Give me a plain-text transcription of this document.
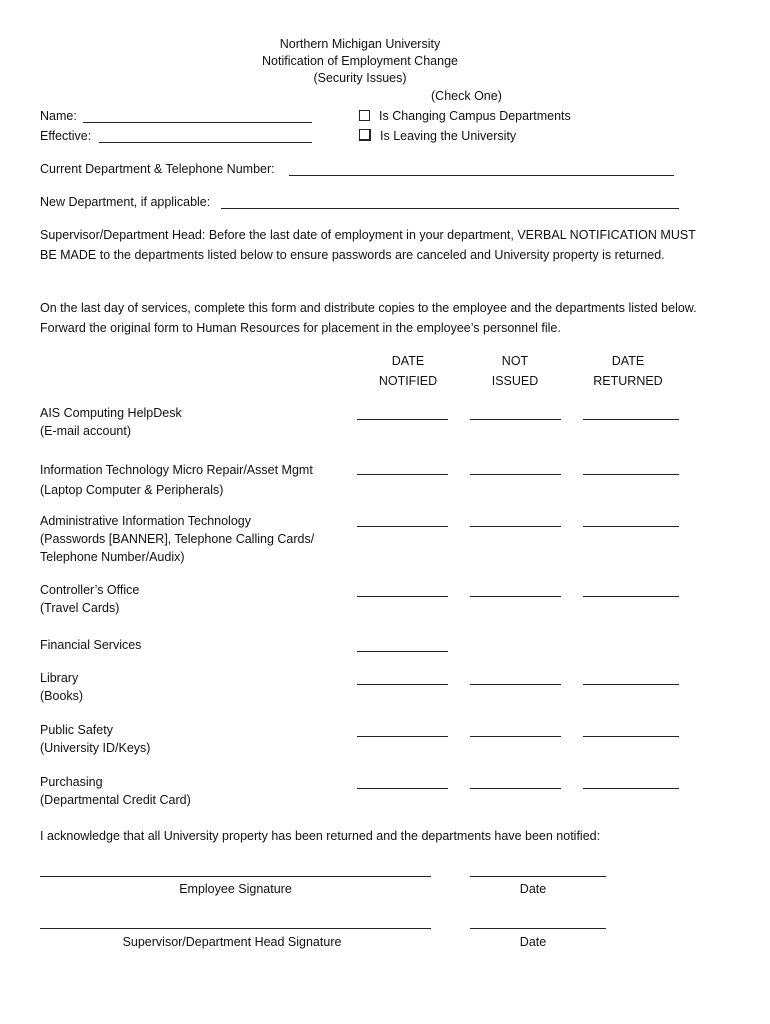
Northern Michigan University
Notification of Employment Change
(Security Issues)
(Check One)
Name:
Effective:
Is Changing Campus Departments
Is Leaving the University
Current Department & Telephone Number:
New Department, if applicable:
Supervisor/Department Head: Before the last date of employment in your department, VERBAL NOTIFICATION MUST BE MADE to the departments listed below to ensure passwords are canceled and University property is returned.
On the last day of services, complete this form and distribute copies to the employee and the departments listed below. Forward the original form to Human Resources for placement in the employee’s personnel file.
DATE
NOTIFIED
NOT
ISSUED
DATE
RETURNED
AIS Computing HelpDesk
(E-mail account)
Information Technology Micro Repair/Asset Mgmt
(Laptop Computer & Peripherals)
Administrative Information Technology
(Passwords [BANNER], Telephone Calling Cards/
Telephone Number/Audix)
Controller’s Office
(Travel Cards)
Financial Services
Library
(Books)
Public Safety
(University ID/Keys)
Purchasing
(Departmental Credit Card)
I acknowledge that all University property has been returned and the departments have been notified:
Employee Signature	Date
Supervisor/Department Head Signature	Date
